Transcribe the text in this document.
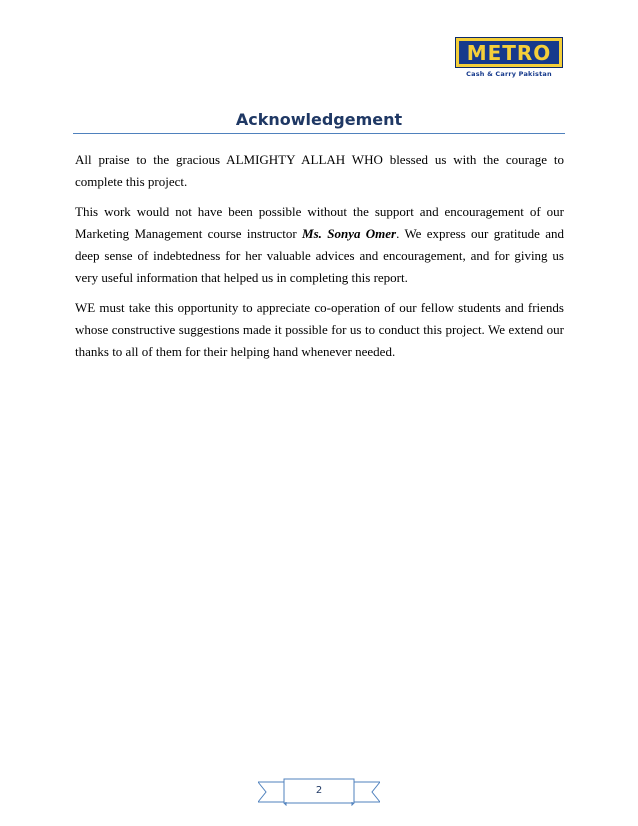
METRO
Cash & Carry Pakistan
Acknowledgement

All praise to the gracious ALMIGHTY ALLAH WHO blessed us with the courage to complete this project.

This work would not have been possible without the support and encouragement of our Marketing Management course instructor Ms. Sonya Omer. We express our gratitude and deep sense of indebtedness for her valuable advices and encouragement, and for giving us very useful information that helped us in completing this report.

WE must take this opportunity to appreciate co-operation of our fellow students and friends whose constructive suggestions made it possible for us to conduct this project. We extend our thanks to all of them for their helping hand whenever needed.

2
